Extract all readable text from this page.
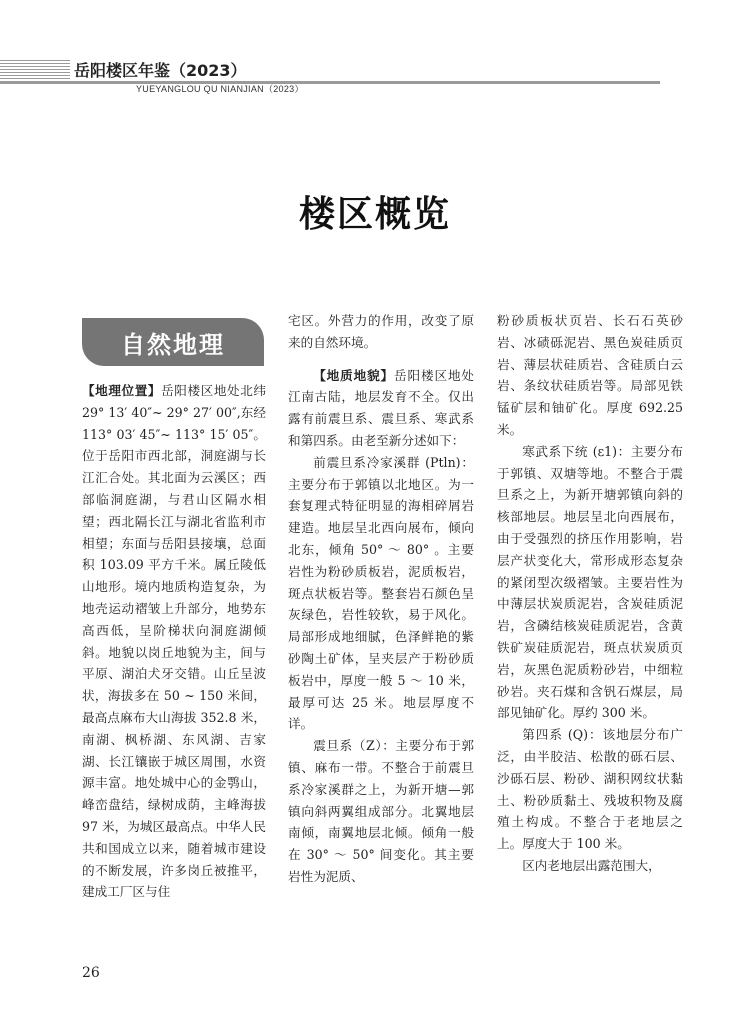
岳阳楼区年鉴（2023）
YUEYANGLOU QU NIANJIAN（2023）
楼区概览
自然地理

【地理位置】岳阳楼区地处北纬 29° 13′ 40″~ 29° 27′ 00″,东经 113° 03′ 45″~ 113° 15′ 05″。位于岳阳市西北部，洞庭湖与长江汇合处。其北面为云溪区；西部临洞庭湖，与君山区隔水相望；西北隔长江与湖北省监利市相望；东面与岳阳县接壤，总面积 103.09 平方千米。属丘陵低山地形。境内地质构造复杂，为地壳运动褶皱上升部分，地势东高西低，呈阶梯状向洞庭湖倾斜。地貌以岗丘地貌为主，间与平原、湖泊犬牙交错。山丘呈波状，海拔多在 50 ~ 150 米间，最高点麻布大山海拔 352.8 米，南湖、枫桥湖、东风湖、吉家湖、长江镶嵌于城区周围，水资源丰富。地处城中心的金鹗山，峰峦盘结，绿树成荫，主峰海拔 97 米，为城区最高点。中华人民共和国成立以来，随着城市建设的不断发展，许多岗丘被推平，建成工厂区与住

宅区。外营力的作用，改变了原来的自然环境。

【地质地貌】岳阳楼区地处江南古陆，地层发育不全。仅出露有前震旦系、震旦系、寒武系和第四系。由老至新分述如下：

前震旦系冷家溪群 (Ptln)：主要分布于郭镇以北地区。为一套复理式特征明显的海相碎屑岩建造。地层呈北西向展布，倾向北东，倾角 50° ～ 80° 。主要岩性为粉砂质板岩，泥质板岩，斑点状板岩等。整套岩石颜色呈灰绿色，岩性较软，易于风化。局部形成地细腻，色泽鲜艳的紫砂陶土矿体，呈夹层产于粉砂质板岩中，厚度一般 5 ～ 10 米，最厚可达 25 米。地层厚度不详。

震旦系（Z）：主要分布于郭镇、麻布一带。不整合于前震旦系冷家溪群之上，为新开塘—郭镇向斜两翼组成部分。北翼地层南倾，南翼地层北倾。倾角一般在 30° ～ 50° 间变化。其主要岩性为泥质、

粉砂质板状页岩、长石石英砂岩、冰碛砾泥岩、黑色炭硅质页岩、薄层状硅质岩、含硅质白云岩、条纹状硅质岩等。局部见铁锰矿层和铀矿化。厚度 692.25 米。

寒武系下统 (ε1)：主要分布于郭镇、双塘等地。不整合于震旦系之上，为新开塘郭镇向斜的核部地层。地层呈北向西展布，由于受强烈的挤压作用影响，岩层产状变化大，常形成形态复杂的紧闭型次级褶皱。主要岩性为中薄层状炭质泥岩，含炭硅质泥岩，含磷结核炭硅质泥岩，含黄铁矿炭硅质泥岩，斑点状炭质页岩，灰黑色泥质粉砂岩，中细粒砂岩。夹石煤和含钒石煤层，局部见铀矿化。厚约 300 米。

第四系 (Q)：该地层分布广泛，由半胶洁、松散的砾石层、沙砾石层、粉砂、湖积网纹状黏土、粉砂质黏土、残坡积物及腐殖土构成。不整合于老地层之上。厚度大于 100 米。

区内老地层出露范围大，

26
